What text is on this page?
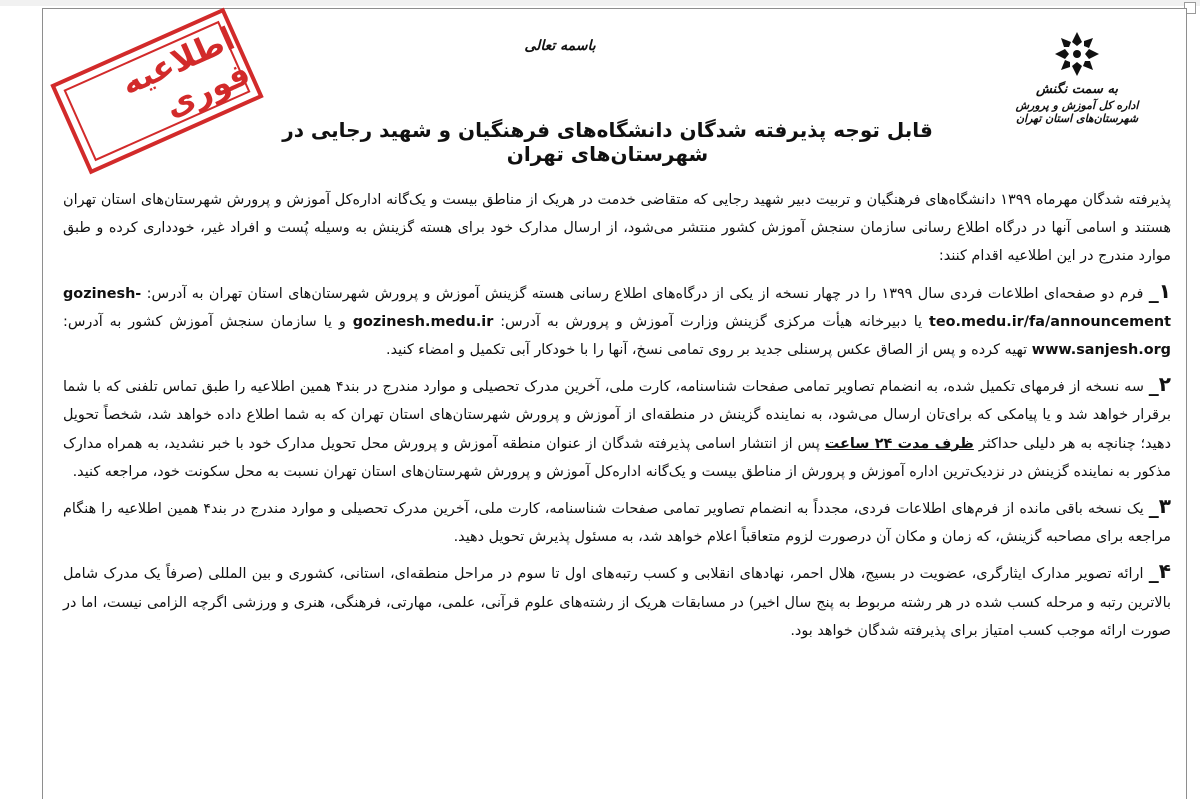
باسمه تعالی
به سمت نگنش
اداره کل آموزش و پرورش شهرستان‌های استان تهران
اطلاعیه فوری
قابل توجه پذیرفته شدگان دانشگاه‌های فرهنگیان و شهید رجایی در شهرستان‌های تهران

پذیرفته شدگان مهرماه ۱۳۹۹ دانشگاه‌های فرهنگیان و تربیت دبیر شهید رجایی که متقاضی خدمت در هریک از مناطق بیست و یک‌گانه اداره‌کل آموزش و پرورش شهرستان‌های استان تهران هستند و اسامی آنها در درگاه اطلاع رسانی سازمان سنجش آموزش کشور منتشر می‌شود، از ارسال مدارک خود برای هسته گزینش به وسیله پُست و افراد غیر، خودداری کرده و طبق موارد مندرج در این اطلاعیه اقدام کنند:

۱_ فرم دو صفحه‌ای اطلاعات فردی سال ۱۳۹۹ را در چهار نسخه از یکی از درگاه‌های اطلاع رسانی هسته گزینش آموزش و پرورش شهرستان‌های استان تهران به آدرس: gozinesh-teo.medu.ir/fa/announcement یا دبیرخانه هیأت مرکزی گزینش وزارت آموزش و پرورش به آدرس: gozinesh.medu.ir و یا سازمان سنجش آموزش کشور به آدرس: www.sanjesh.org تهیه کرده و پس از الصاق عکس پرسنلی جدید بر روی تمامی نسخ، آنها را با خودکار آبی تکمیل و امضاء کنید.

۲_ سه نسخه از فرمهای تکمیل شده، به انضمام تصاویر تمامی صفحات شناسنامه، کارت ملی، آخرین مدرک تحصیلی و موارد مندرج در بند۴ همین اطلاعیه را طبق تماس تلفنی که با شما برقرار خواهد شد و یا پیامکی که برای‌تان ارسال می‌شود، به نماینده گزینش در منطقه‌ای از آموزش و پرورش شهرستان‌های استان تهران که به شما اطلاع داده خواهد شد، شخصاً تحویل دهید؛ چنانچه به هر دلیلی حداکثر ظرف مدت ۲۴ ساعت پس از انتشار اسامی پذیرفته شدگان از عنوان منطقه آموزش و پرورش محل تحویل مدارک خود با خبر نشدید، به همراه مدارک مذکور به نماینده گزینش در نزدیک‌ترین اداره آموزش و پرورش از مناطق بیست و یک‌گانه اداره‌کل آموزش و پرورش شهرستان‌های استان تهران نسبت به محل سکونت خود، مراجعه کنید.

۳_ یک نسخه باقی مانده از فرم‌های اطلاعات فردی، مجدداً به انضمام تصاویر تمامی صفحات شناسنامه، کارت ملی، آخرین مدرک تحصیلی و موارد مندرج در بند۴ همین اطلاعیه را هنگام مراجعه برای مصاحبه گزینش، که زمان و مکان آن درصورت لزوم متعاقباً اعلام خواهد شد، به مسئول پذیرش تحویل دهید.

۴_ ارائه تصویر مدارک ایثارگری، عضویت در بسیج، هلال احمر، نهادهای انقلابی و کسب رتبه‌های اول تا سوم در مراحل منطقه‌ای، استانی، کشوری و بین المللی (صرفاً یک مدرک شامل بالاترین رتبه و مرحله کسب شده در هر رشته مربوط به پنج سال اخیر) در مسابقات هریک از رشته‌های علوم قرآنی، علمی، مهارتی، فرهنگی، هنری و ورزشی اگرچه الزامی نیست، اما در صورت ارائه موجب کسب امتیاز برای پذیرفته شدگان خواهد بود.
